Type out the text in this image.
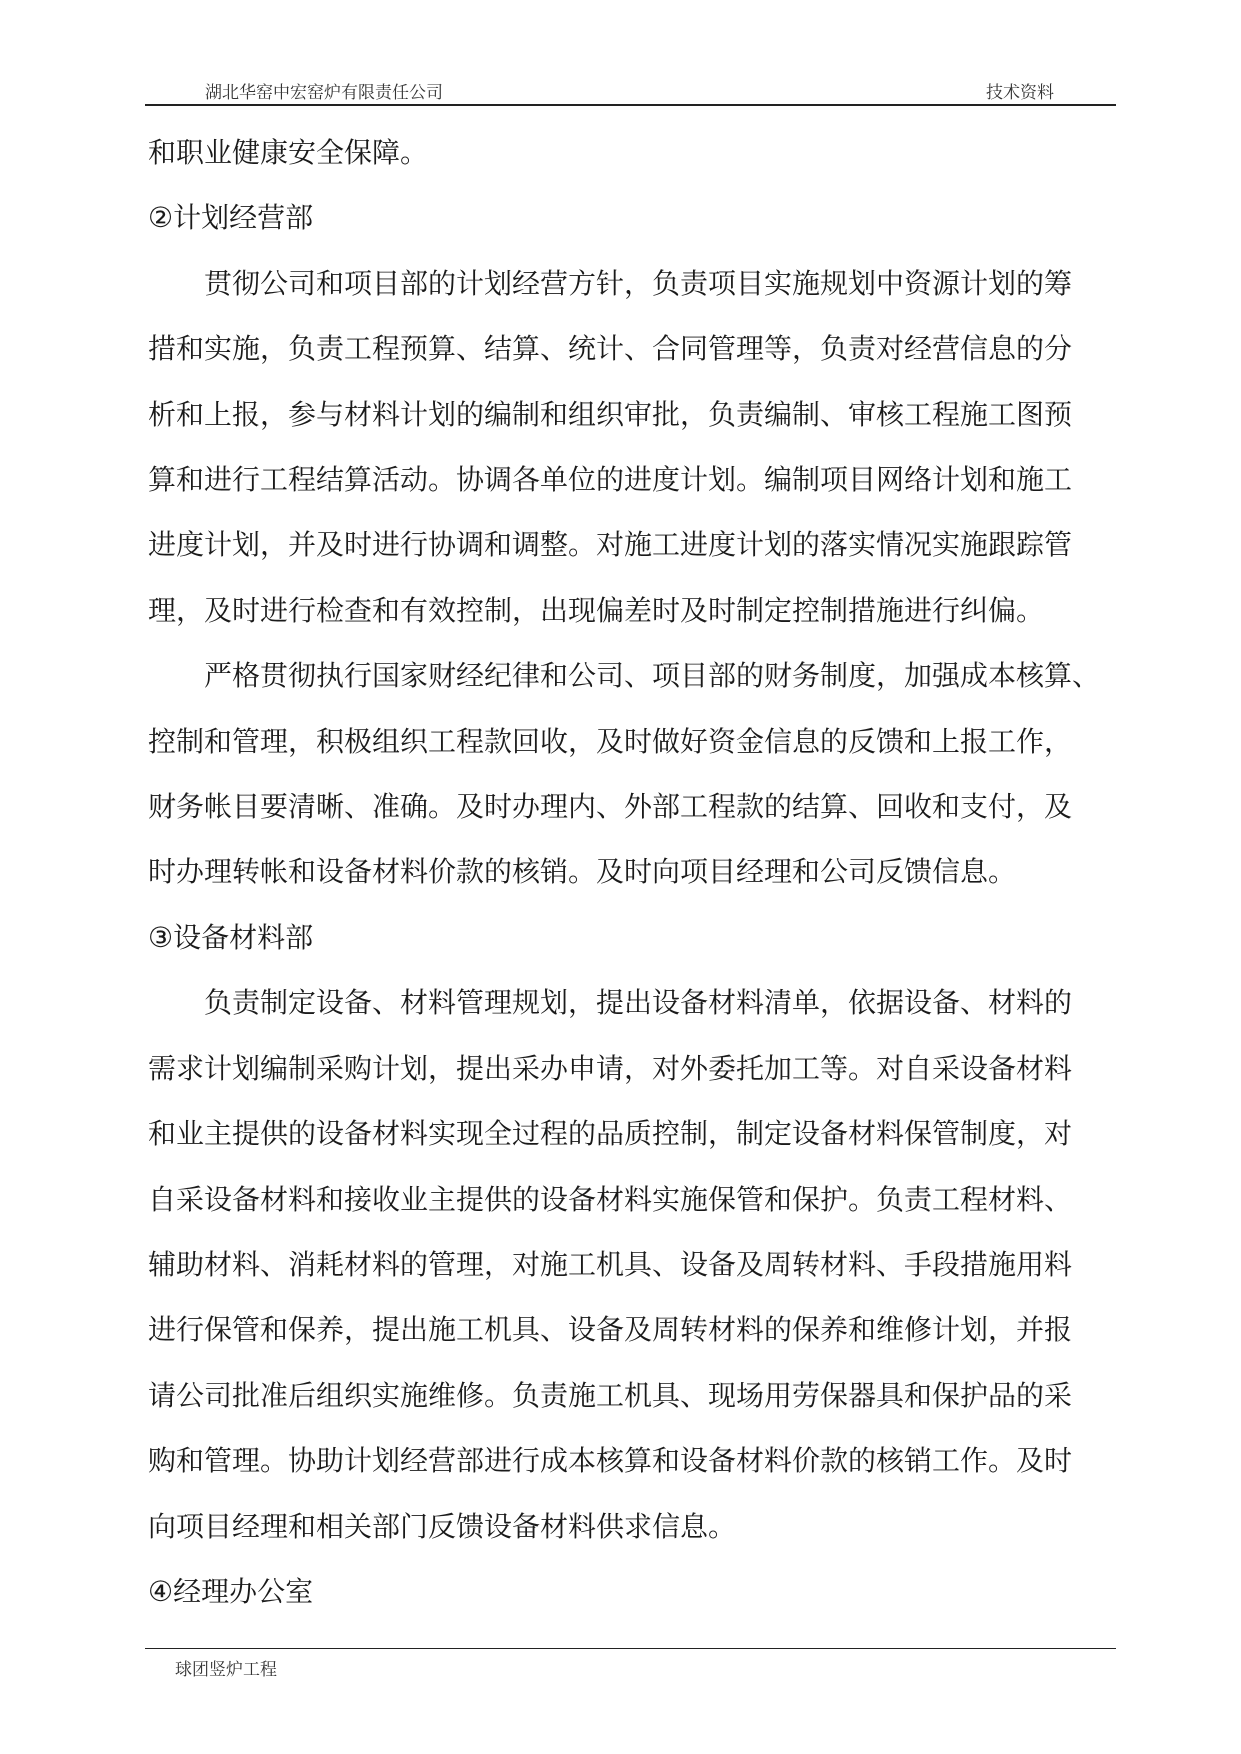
湖北华窑中宏窑炉有限责任公司	技术资料
和职业健康安全保障。
②计划经营部
贯彻公司和项目部的计划经营方针，负责项目实施规划中资源计划的筹
措和实施，负责工程预算、结算、统计、合同管理等，负责对经营信息的分
析和上报，参与材料计划的编制和组织审批，负责编制、审核工程施工图预
算和进行工程结算活动。协调各单位的进度计划。编制项目网络计划和施工
进度计划，并及时进行协调和调整。对施工进度计划的落实情况实施跟踪管
理，及时进行检查和有效控制，出现偏差时及时制定控制措施进行纠偏。
严格贯彻执行国家财经纪律和公司、项目部的财务制度，加强成本核算、
控制和管理，积极组织工程款回收，及时做好资金信息的反馈和上报工作，
财务帐目要清晰、准确。及时办理内、外部工程款的结算、回收和支付，及
时办理转帐和设备材料价款的核销。及时向项目经理和公司反馈信息。
③设备材料部
负责制定设备、材料管理规划，提出设备材料清单，依据设备、材料的
需求计划编制采购计划，提出采办申请，对外委托加工等。对自采设备材料
和业主提供的设备材料实现全过程的品质控制，制定设备材料保管制度，对
自采设备材料和接收业主提供的设备材料实施保管和保护。负责工程材料、
辅助材料、消耗材料的管理，对施工机具、设备及周转材料、手段措施用料
进行保管和保养，提出施工机具、设备及周转材料的保养和维修计划，并报
请公司批准后组织实施维修。负责施工机具、现场用劳保器具和保护品的采
购和管理。协助计划经营部进行成本核算和设备材料价款的核销工作。及时
向项目经理和相关部门反馈设备材料供求信息。
④经理办公室
球团竖炉工程
